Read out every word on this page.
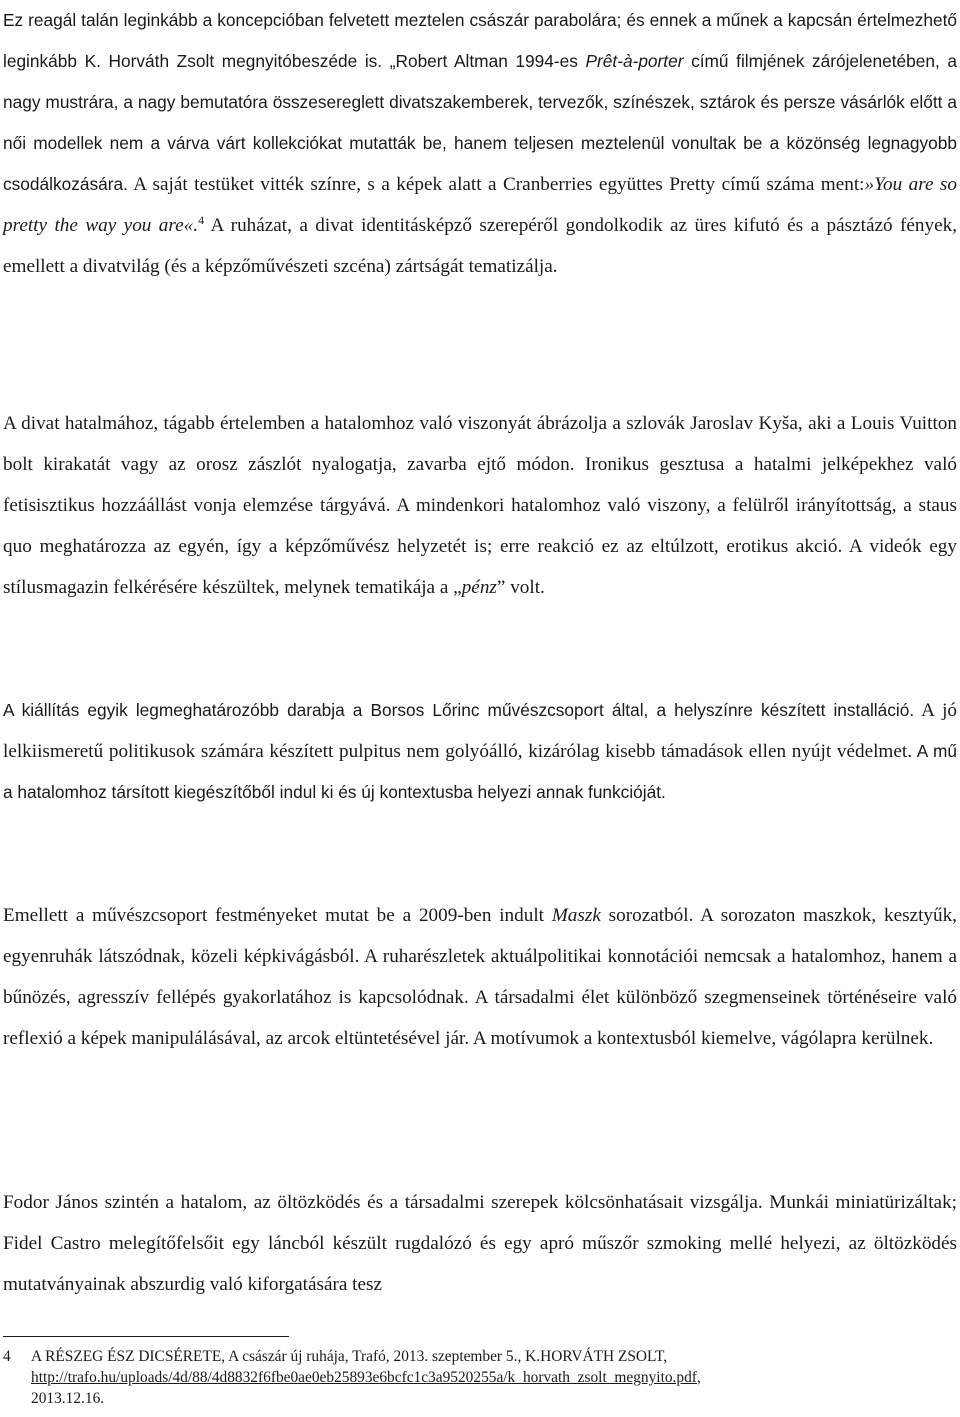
Ez reagál talán leginkább a koncepcióban felvetett meztelen császár parabolára; és ennek a műnek a kapcsán értelmezhető leginkább K. Horváth Zsolt megnyitóbeszéde is. „Robert Altman 1994-es Prêt-à-porter című filmjének zárójelenetében, a nagy mustrára, a nagy bemutatóra összesereglett divatszakemberek, tervezők, színészek, sztárok és persze vásárlók előtt a női modellek nem a várva várt kollekciókat mutatták be, hanem teljesen meztelenül vonultak be a közönség legnagyobb csodálkozására. A saját testüket vitték színre, s a képek alatt a Cranberries együttes Pretty című száma ment:»You are so pretty the way you are«.$^4$ A ruházat, a divat identitásképző szerepéről gondolkodik az üres kifutó és a pásztázó fények, emellett a divatvilág (és a képzőművészeti szcéna) zártságát tematizálja.

A divat hatalmához, tágabb értelemben a hatalomhoz való viszonyát ábrázolja a szlovák Jaroslav Kyša, aki a Louis Vuitton bolt kirakatát vagy az orosz zászlót nyalogatja, zavarba ejtő módon. Ironikus gesztusa a hatalmi jelképekhez való fetisisztikus hozzáállást vonja elemzése tárgyává. A mindenkori hatalomhoz való viszony, a felülről irányítottság, a staus quo meghatározza az egyén, így a képzőművész helyzetét is; erre reakció ez az eltúlzott, erotikus akció. A videók egy stílusmagazin felkérésére készültek, melynek tematikája a „pénz” volt.

A kiállítás egyik legmeghatározóbb darabja a Borsos Lőrinc művészcsoport által, a helyszínre készített installáció. A jó lelkiismeretű politikusok számára készített pulpitus nem golyóálló, kizárólag kisebb támadások ellen nyújt védelmet. A mű a hatalomhoz társított kiegészítőből indul ki és új kontextusba helyezi annak funkcióját.

Emellett a művészcsoport festményeket mutat be a 2009-ben indult Maszk sorozatból. A sorozaton maszkok, kesztyűk, egyenruhák látszódnak, közeli képkivágásból. A ruharészletek aktuálpolitikai konnotációi nemcsak a hatalomhoz, hanem a bűnözés, agresszív fellépés gyakorlatához is kapcsolódnak. A társadalmi élet különböző szegmenseinek történéseire való reflexió a képek manipulálásával, az arcok eltüntetésével jár. A motívumok a kontextusból kiemelve, vágólapra kerülnek.

Fodor János szintén a hatalom, az öltözködés és a társadalmi szerepek kölcsönhatásait vizsgálja. Munkái miniatürizáltak; Fidel Castro melegítőfelsőit egy láncból készült rugdalózó és egy apró műszőr szmoking mellé helyezi, az öltözködés mutatványainak abszurdig való kiforgatására tesz

4 A RÉSZEG ÉSZ DICSÉRETE, A császár új ruhája, Trafó, 2013. szeptember 5., K.HORVÁTH ZSOLT,
http://trafo.hu/uploads/4d/88/4d8832f6fbe0ae0eb25893e6bcfc1c3a9520255a/k_horvath_zsolt_megnyito.pdf,
2013.12.16.
